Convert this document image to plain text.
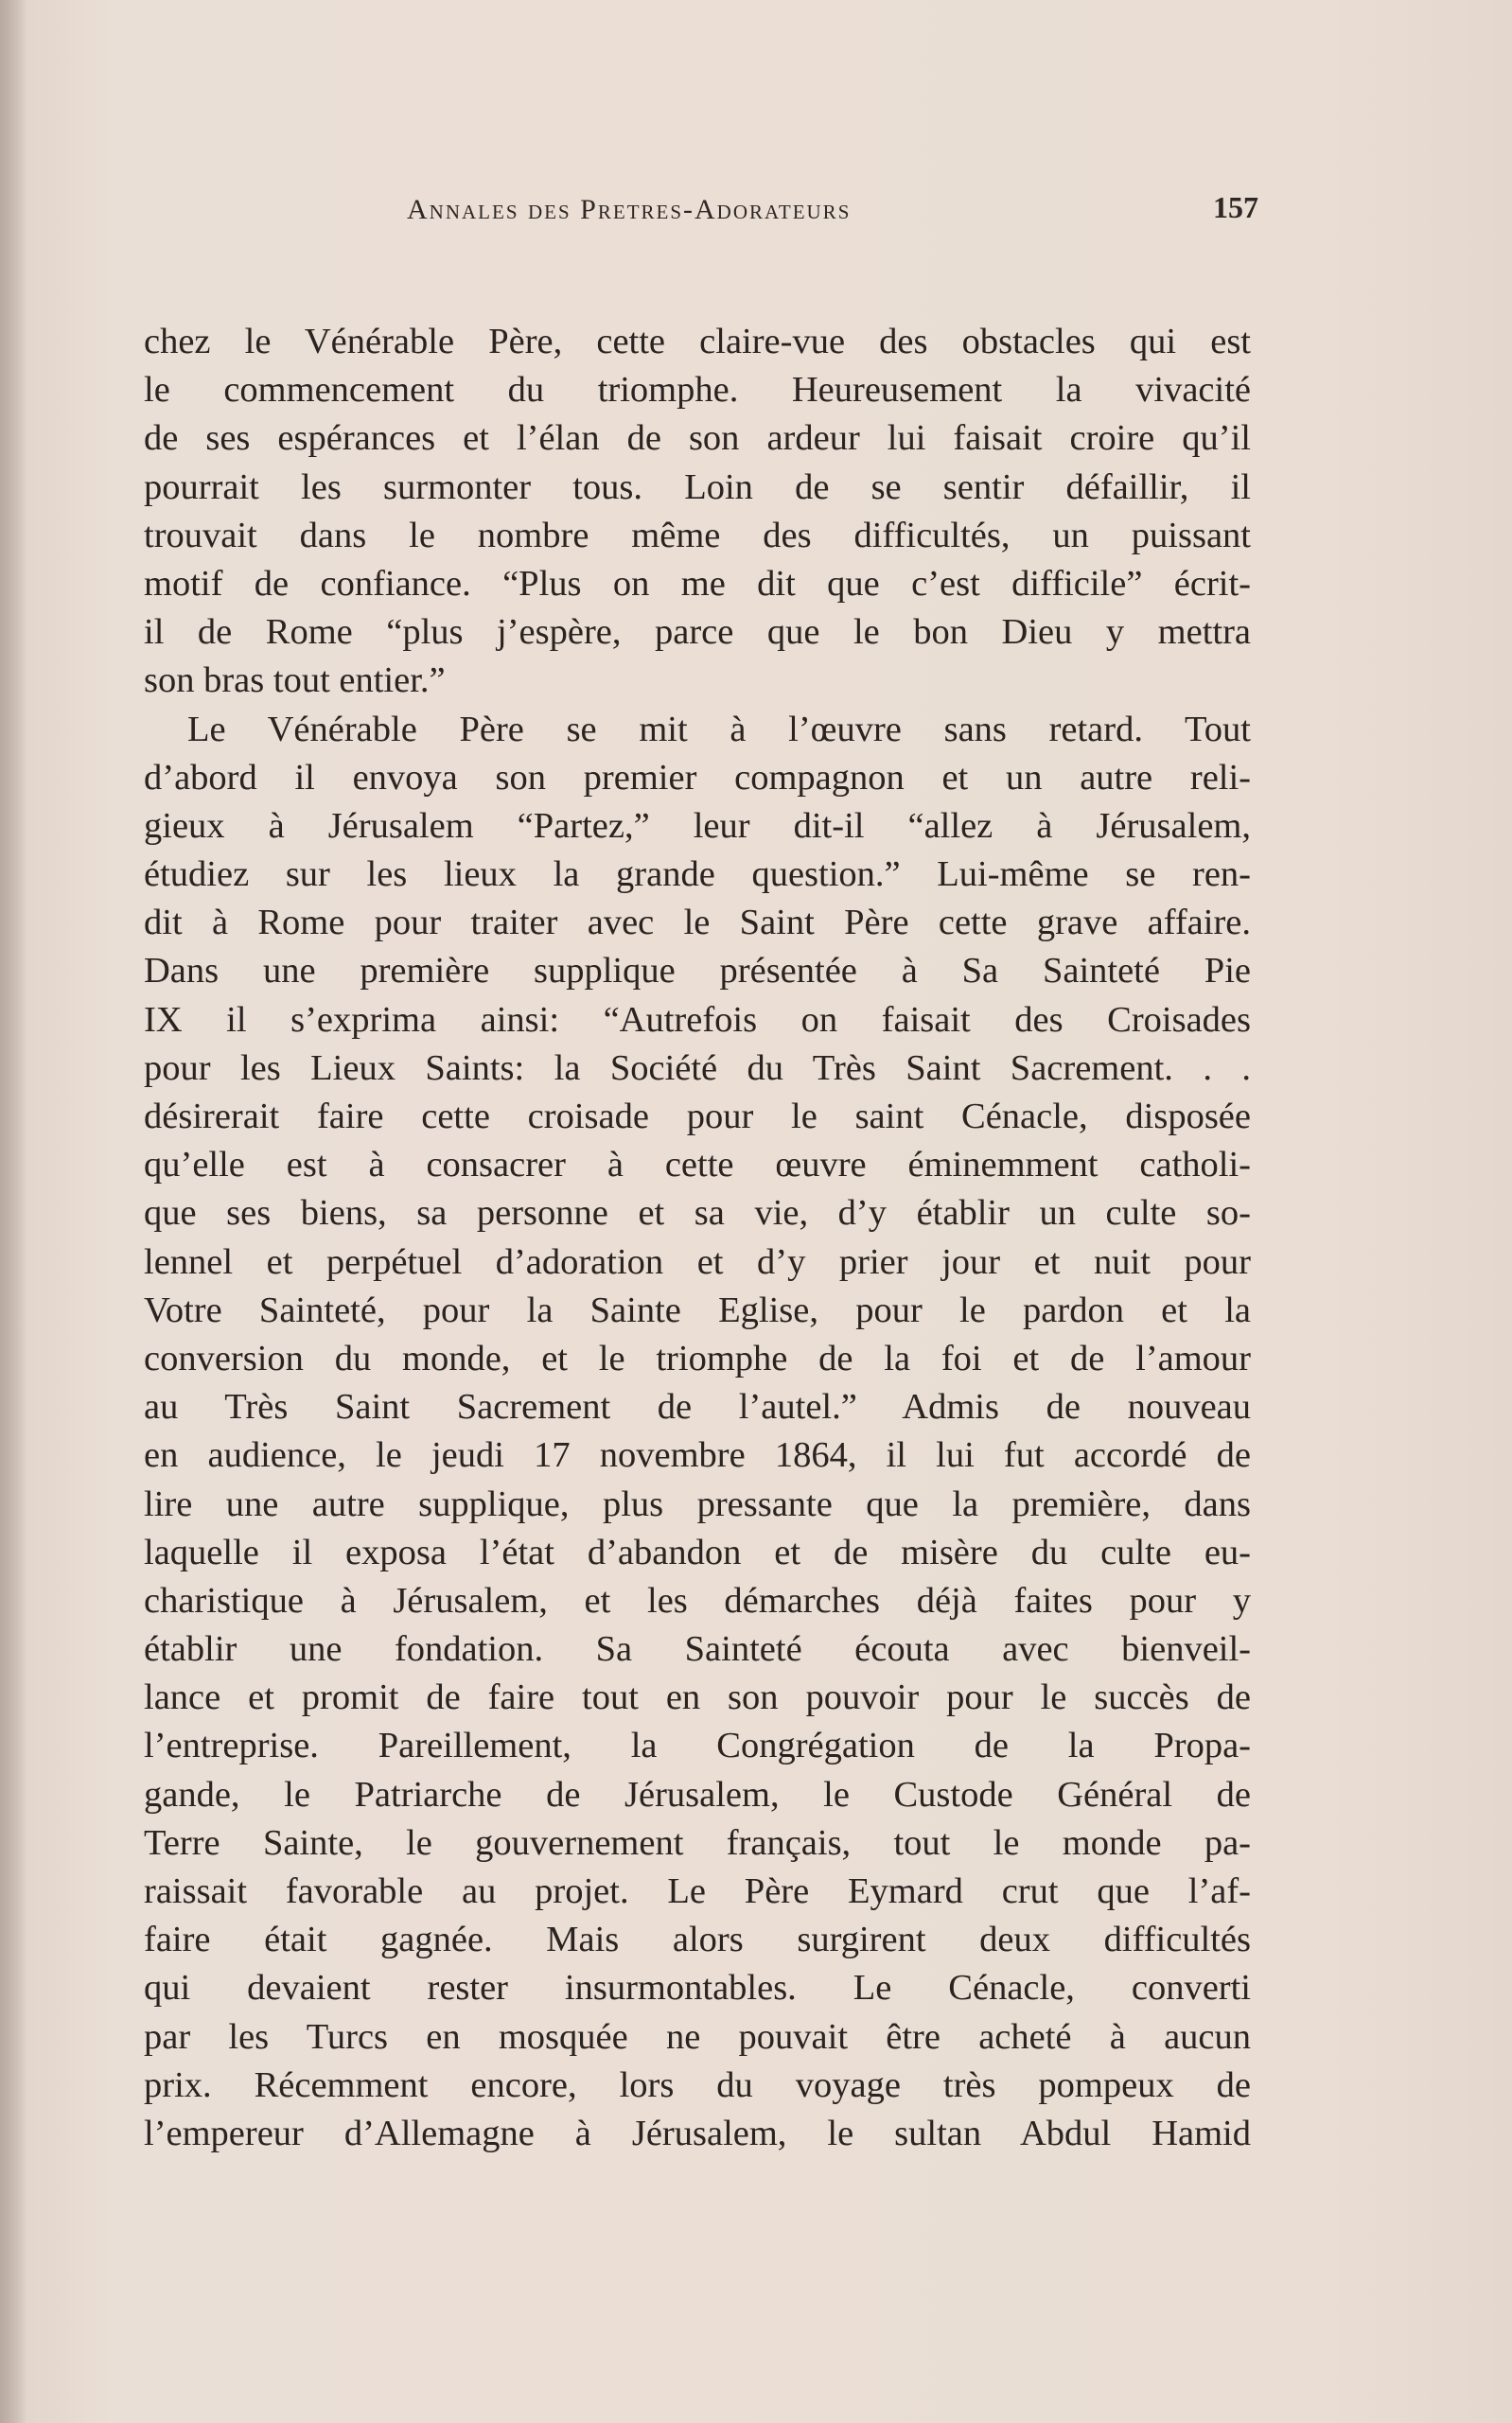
Annales des Pretres-Adorateurs	157
chez le Vénérable Père, cette claire-vue des obstacles qui est
le commencement du triomphe. Heureusement la vivacité
de ses espérances et l’élan de son ardeur lui faisait croire qu’il
pourrait les surmonter tous. Loin de se sentir défaillir, il
trouvait dans le nombre même des difficultés, un puissant
motif de confiance. “Plus on me dit que c’est difficile” écrit-
il de Rome “plus j’espère, parce que le bon Dieu y mettra
son bras tout entier.”
Le Vénérable Père se mit à l’œuvre sans retard. Tout
d’abord il envoya son premier compagnon et un autre reli-
gieux à Jérusalem “Partez,” leur dit-il “allez à Jérusalem,
étudiez sur les lieux la grande question.” Lui-même se ren-
dit à Rome pour traiter avec le Saint Père cette grave affaire.
Dans une première supplique présentée à Sa Sainteté Pie
IX il s’exprima ainsi: “Autrefois on faisait des Croisades
pour les Lieux Saints: la Société du Très Saint Sacrement. . .
désirerait faire cette croisade pour le saint Cénacle, disposée
qu’elle est à consacrer à cette œuvre éminemment catholi-
que ses biens, sa personne et sa vie, d’y établir un culte so-
lennel et perpétuel d’adoration et d’y prier jour et nuit pour
Votre Sainteté, pour la Sainte Eglise, pour le pardon et la
conversion du monde, et le triomphe de la foi et de l’amour
au Très Saint Sacrement de l’autel.” Admis de nouveau
en audience, le jeudi 17 novembre 1864, il lui fut accordé de
lire une autre supplique, plus pressante que la première, dans
laquelle il exposa l’état d’abandon et de misère du culte eu-
charistique à Jérusalem, et les démarches déjà faites pour y
établir une fondation. Sa Sainteté écouta avec bienveil-
lance et promit de faire tout en son pouvoir pour le succès de
l’entreprise. Pareillement, la Congrégation de la Propa-
gande, le Patriarche de Jérusalem, le Custode Général de
Terre Sainte, le gouvernement français, tout le monde pa-
raissait favorable au projet. Le Père Eymard crut que l’af-
faire était gagnée. Mais alors surgirent deux difficultés
qui devaient rester insurmontables. Le Cénacle, converti
par les Turcs en mosquée ne pouvait être acheté à aucun
prix. Récemment encore, lors du voyage très pompeux de
l’empereur d’Allemagne à Jérusalem, le sultan Abdul Hamid
